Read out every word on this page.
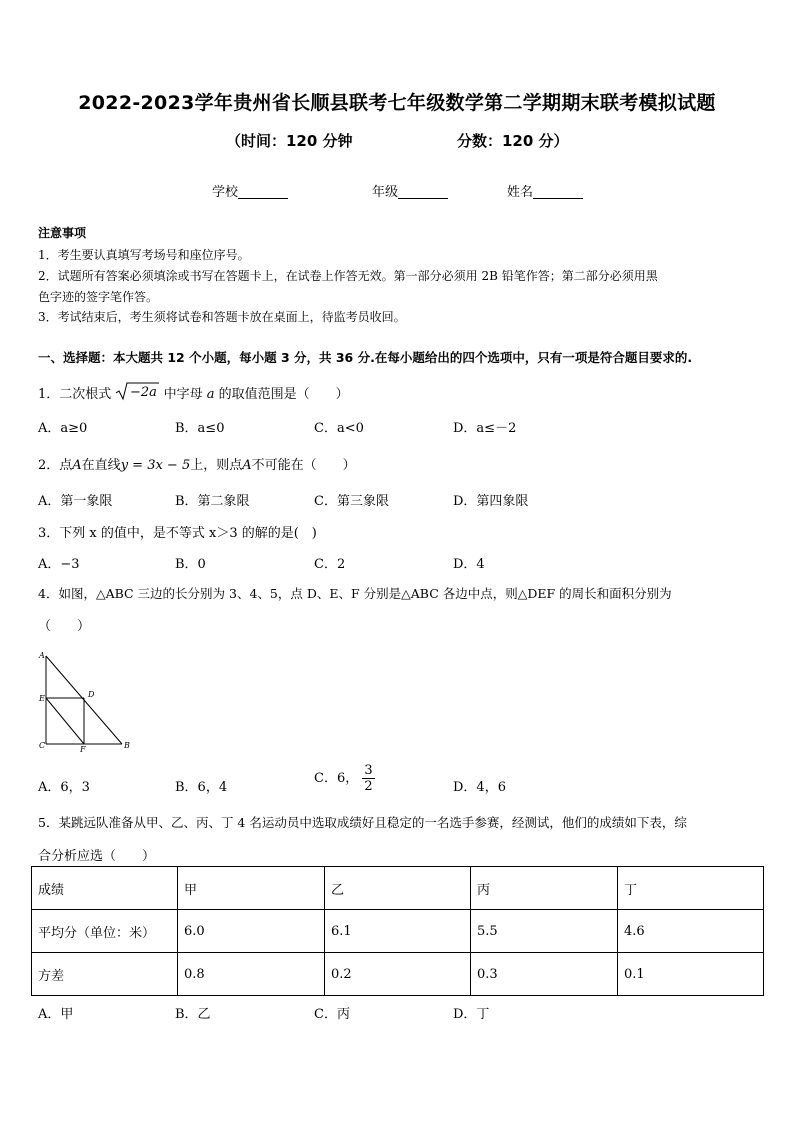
2022-2023学年贵州省长顺县联考七年级数学第二学期期末联考模拟试题
（时间：120 分钟	分数：120 分）
学校	年级	姓名
注意事项
1．考生要认真填写考场号和座位序号。
2．试题所有答案必须填涂或书写在答题卡上，在试卷上作答无效。第一部分必须用 2B 铅笔作答；第二部分必须用黑
色字迹的签字笔作答。
3．考试结束后，考生须将试卷和答题卡放在桌面上，待监考员收回。
一、选择题：本大题共 12 个小题，每小题 3 分，共 36 分.在每小题给出的四个选项中，只有一项是符合题目要求的.
1．二次根式 −2a 中字母 a 的取值范围是（　　）
A．a≥0	B．a≤0	C．a<0	D．a≤－2
2．点A在直线y = 3x − 5上，则点A不可能在（　　）
A．第一象限	B．第二象限	C．第三象限	D．第四象限
3．下列 x 的值中，是不等式 x＞3 的解的是(　)
A．−3	B．0	C．2	D．4
4．如图，△ABC 三边的长分别为 3、4、5，点 D、E、F 分别是△ABC 各边中点，则△DEF 的周长和面积分别为
（　　）
A
B
C
D
E
F
A．6，3	B．6，4
C．6， $\frac{3}{2}$	D．4，6
5．某跳远队准备从甲、乙、丙、丁 4 名运动员中选取成绩好且稳定的一名选手参赛，经测试，他们的成绩如下表，综
合分析应选（　　）
成绩	甲	乙	丙	丁
平均分（单位：米）	6.0	6.1	5.5	4.6
方差	0.8	0.2	0.3	0.1
A．甲	B．乙	C．丙	D．丁
